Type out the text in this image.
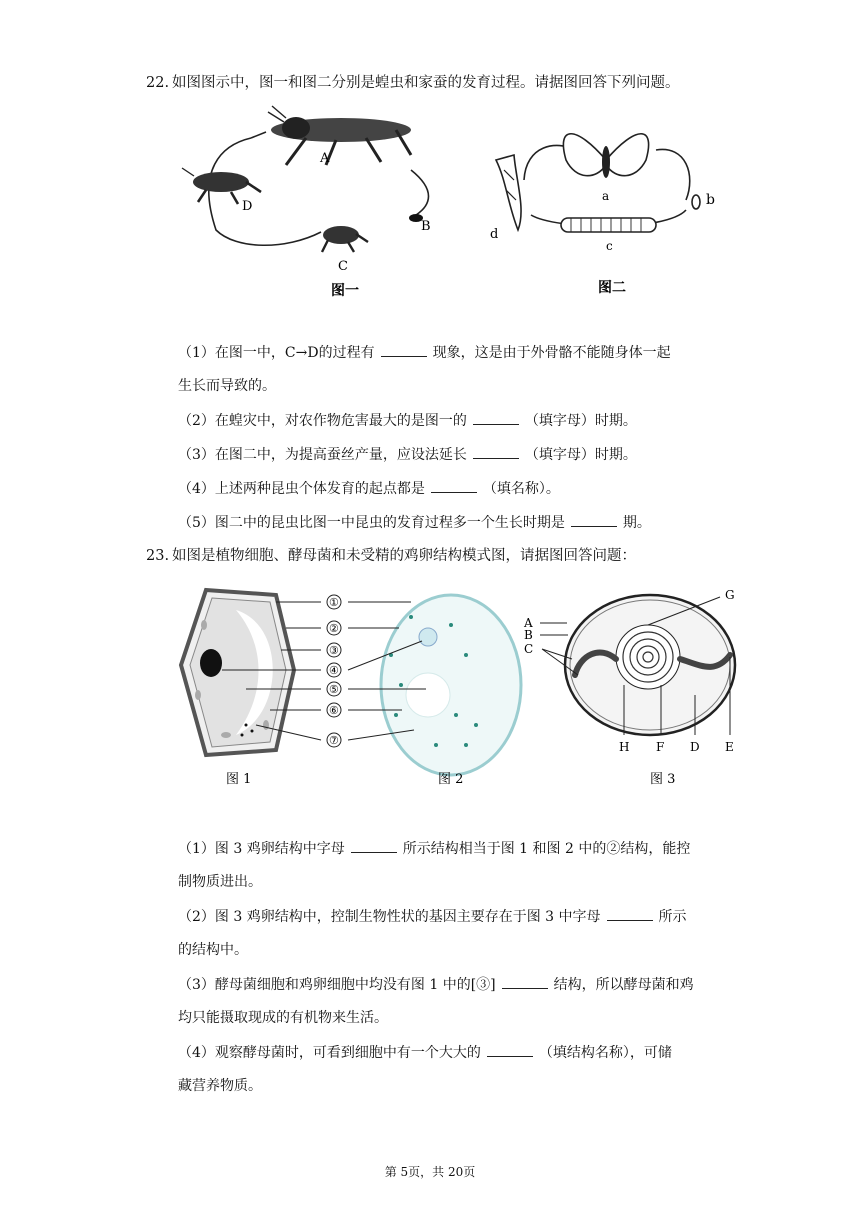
22. 如图图示中，图一和图二分别是蝗虫和家蚕的发育过程。请据图回答下列问题。
A
B
C
D
图一
a	b
c
d
图二
（1）在图一中，C→D的过程有	现象，这是由于外骨骼不能随身体一起
生长而导致的。
（2）在蝗灾中，对农作物危害最大的是图一的	（填字母）时期。
（3）在图二中，为提高蚕丝产量，应设法延长	（填字母）时期。
（4）上述两种昆虫个体发育的起点都是	（填名称）。
（5）图二中的昆虫比图一中昆虫的发育过程多一个生长时期是	期。
23. 如图是植物细胞、酵母菌和未受精的鸡卵结构模式图，请据图回答问题：
①
②
③
④
⑤
⑥
⑦
图 1	图 2
A
B
C
G
H F D E
图 3
（1）图 3 鸡卵结构中字母	所示结构相当于图 1 和图 2 中的②结构，能控
制物质进出。
（2）图 3 鸡卵结构中，控制生物性状的基因主要存在于图 3 中字母	所示
的结构中。
（3）酵母菌细胞和鸡卵细胞中均没有图 1 中的[③]	结构，所以酵母菌和鸡
均只能摄取现成的有机物来生活。
（4）观察酵母菌时，可看到细胞中有一个大大的	（填结构名称），可储
藏营养物质。
第 5页，共 20页
